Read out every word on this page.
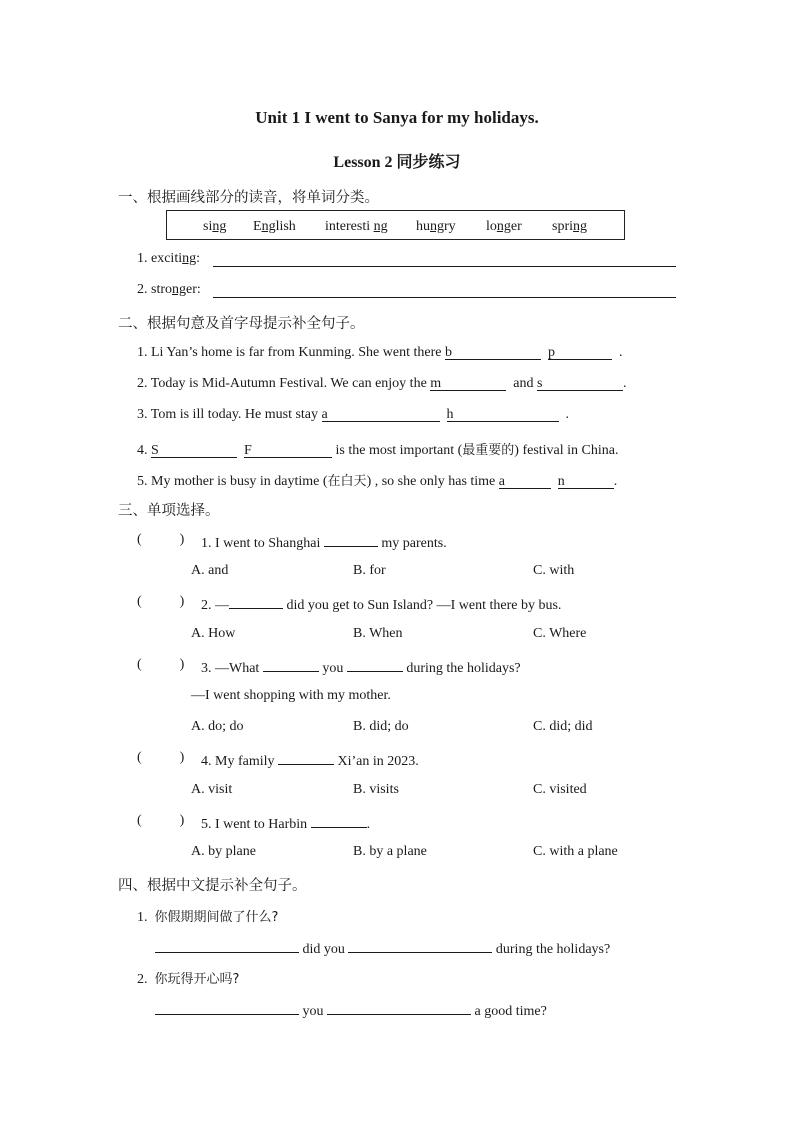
Unit 1 I went to Sanya for my holidays.
Lesson 2 同步练习
一、根据画线部分的读音，将单词分类。
sing English interesti ng hungry longer spring
1. exciting:
2. stronger:
二、根据句意及首字母提示补全句子。
1. Li Yan’s home is far from Kunming. She went there b	p	.
2. Today is Mid-Autumn Festival. We can enjoy the m	and s	.
3. Tom is ill today. He must stay a	h	.
4. S	F	is the most important (最重要的) festival in China.
5. My mother is busy in daytime (在白天) , so she only has time a	n	.
三、单项选择。
(	) 1. I went to Shanghai	my parents.
A. and	B. for	C. with
(	) 2. —	did you get to Sun Island? —I went there by bus.
A. How	B. When	C. Where
(	) 3. —What	you	during the holidays?
—I went shopping with my mother.
A. do; do	B. did; do	C. did; did
(	) 4. My family	Xi’an in 2023.
A. visit	B. visits	C. visited
(	) 5. I went to Harbin	.
A. by plane	B. by a plane	C. with a plane
四、根据中文提示补全句子。
1. 你假期期间做了什么?
did you	during the holidays?
2. 你玩得开心吗?
you	a good time?
